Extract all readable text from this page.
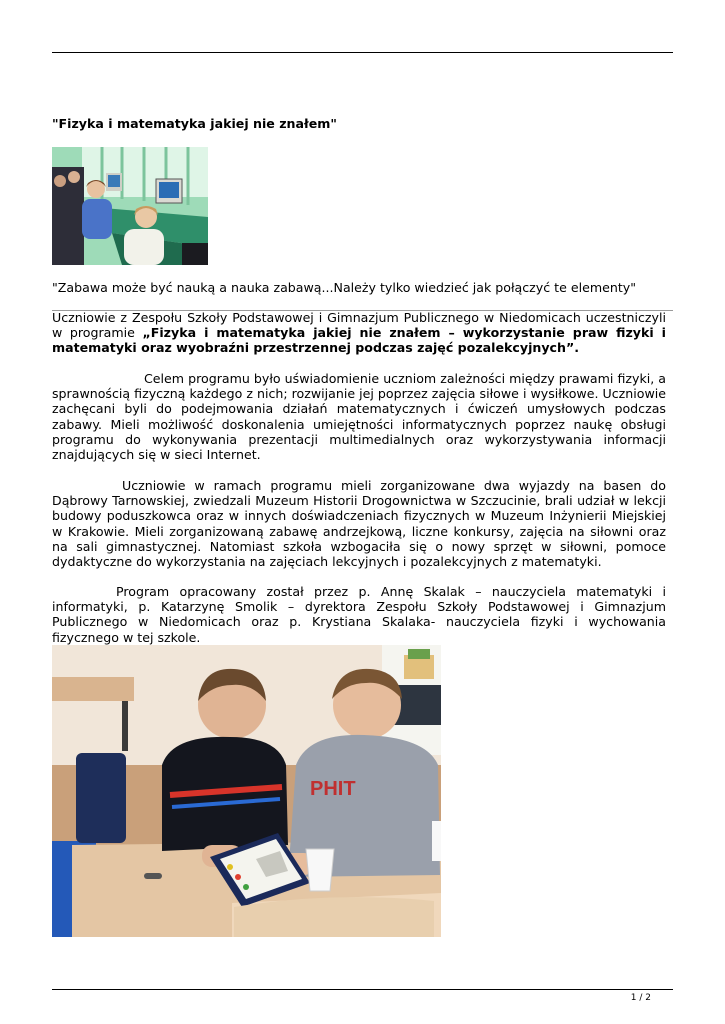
"Fizyka i matematyka jakiej nie znałem"
"Zabawa może być nauką a nauka zabawą...Należy tylko wiedzieć jak połączyć te elementy"

Uczniowie z Zespołu Szkoły Podstawowej i Gimnazjum Publicznego w Niedomicach uczestniczyli w programie „Fizyka i matematyka jakiej nie znałem – wykorzystanie praw fizyki i matematyki oraz wyobraźni przestrzennej podczas zajęć pozalekcyjnych”.

Celem programu było uświadomienie uczniom zależności między prawami fizyki, a sprawnością fizyczną każdego z nich; rozwijanie jej poprzez zajęcia siłowe i wysiłkowe. Uczniowie zachęcani byli do podejmowania działań matematycznych i ćwiczeń umysłowych podczas zabawy. Mieli możliwość doskonalenia umiejętności informatycznych poprzez naukę obsługi programu do wykonywania prezentacji multimedialnych oraz wykorzystywania informacji znajdujących się w sieci Internet.

Uczniowie w ramach programu mieli zorganizowane dwa wyjazdy na basen do Dąbrowy Tarnowskiej, zwiedzali Muzeum Historii Drogownictwa w Szczucinie, brali udział w lekcji budowy poduszkowca oraz w innych doświadczeniach fizycznych w Muzeum Inżynierii Miejskiej w Krakowie. Mieli zorganizowaną zabawę andrzejkową, liczne konkursy, zajęcia na siłowni oraz na sali gimnastycznej. Natomiast szkoła wzbogaciła się o nowy sprzęt w siłowni, pomoce dydaktyczne do wykorzystania na zajęciach lekcyjnych i pozalekcyjnych z matematyki.

Program opracowany został przez p. Annę Skalak – nauczyciela matematyki i informatyki, p. Katarzynę Smolik – dyrektora Zespołu Szkoły Podstawowej i Gimnazjum Publicznego w Niedomicach oraz p. Krystiana Skalaka- nauczyciela fizyki i wychowania fizycznego w tej szkole.

PHIT
1 / 2
